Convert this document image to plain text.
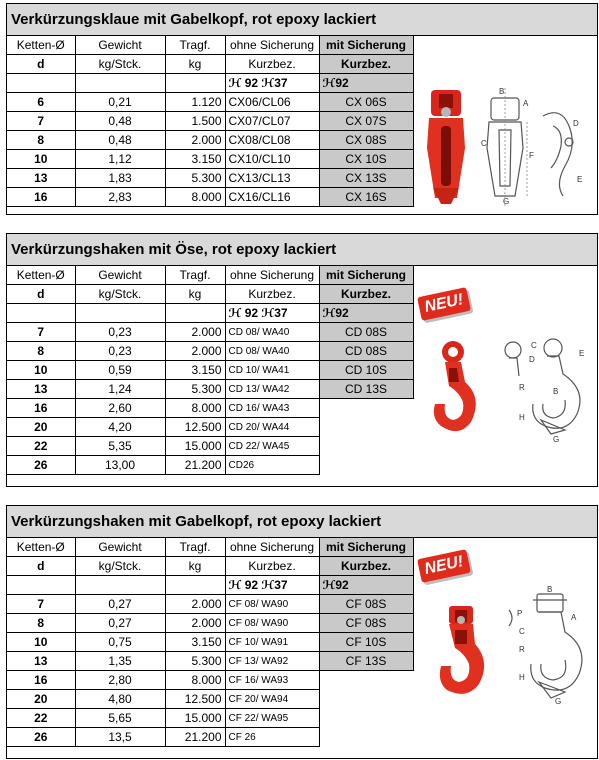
Verkürzungsklaue mit Gabelkopf, rot epoxy lackiert
Ketten-Ø	Gewicht	Tragf.	ohne Sicherung	mit Sicherung
d	kg/Stck.	kg	Kurzbez.	Kurzbez.
			ℋ 92 ℋ37	ℋ92
6	0,21	1.120	CX06/CL06	CX 06S
7	0,48	1.500	CX07/CL07	CX 07S
8	0,48	2.000	CX08/CL08	CX 08S
10	1,12	3.150	CX10/CL10	CX 10S
13	1,83	5.300	CX13/CL13	CX 13S
16	2,83	8.000	CX16/CL16	CX 16S
B
A
C
F
G
D
E
Verkürzungshaken mit Öse, rot epoxy lackiert
Ketten-Ø	Gewicht	Tragf.	ohne Sicherung	mit Sicherung
d	kg/Stck.	kg	Kurzbez.	Kurzbez.
			ℋ 92 ℋ37	ℋ92
7	0,23	2.000	CD 08/ WA40	CD 08S
8	0,23	2.000	CD 08/ WA40	CD 08S
10	0,59	3.150	CD 10/ WA41	CD 10S
13	1,24	5.300	CD 13/ WA42	CD 13S
16	2,60	8.000	CD 16/ WA43	
20	4,20	12.500	CD 20/ WA44	
22	5,35	15.000	CD 22/ WA45	
26	13,00	21.200	CD26	
NEU!
C
D
E
R
H
B
G
Verkürzungshaken mit Gabelkopf, rot epoxy lackiert
Ketten-Ø	Gewicht	Tragf.	ohne Sicherung	mit Sicherung
d	kg/Stck.	kg	Kurzbez.	Kurzbez.
			ℋ 92 ℋ37	ℋ92
7	0,27	2.000	CF 08/ WA90	CF 08S
8	0,27	2.000	CF 08/ WA90	CF 08S
10	0,75	3.150	CF 10/ WA91	CF 10S
13	1,35	5.300	CF 13/ WA92	CF 13S
16	2,80	8.000	CF 16/ WA93	
20	4,80	12.500	CF 20/ WA94	
22	5,65	15.000	CF 22/ WA95	
26	13,5	21.200	CF 26	
NEU!
B
P	A
C
R
H
G
